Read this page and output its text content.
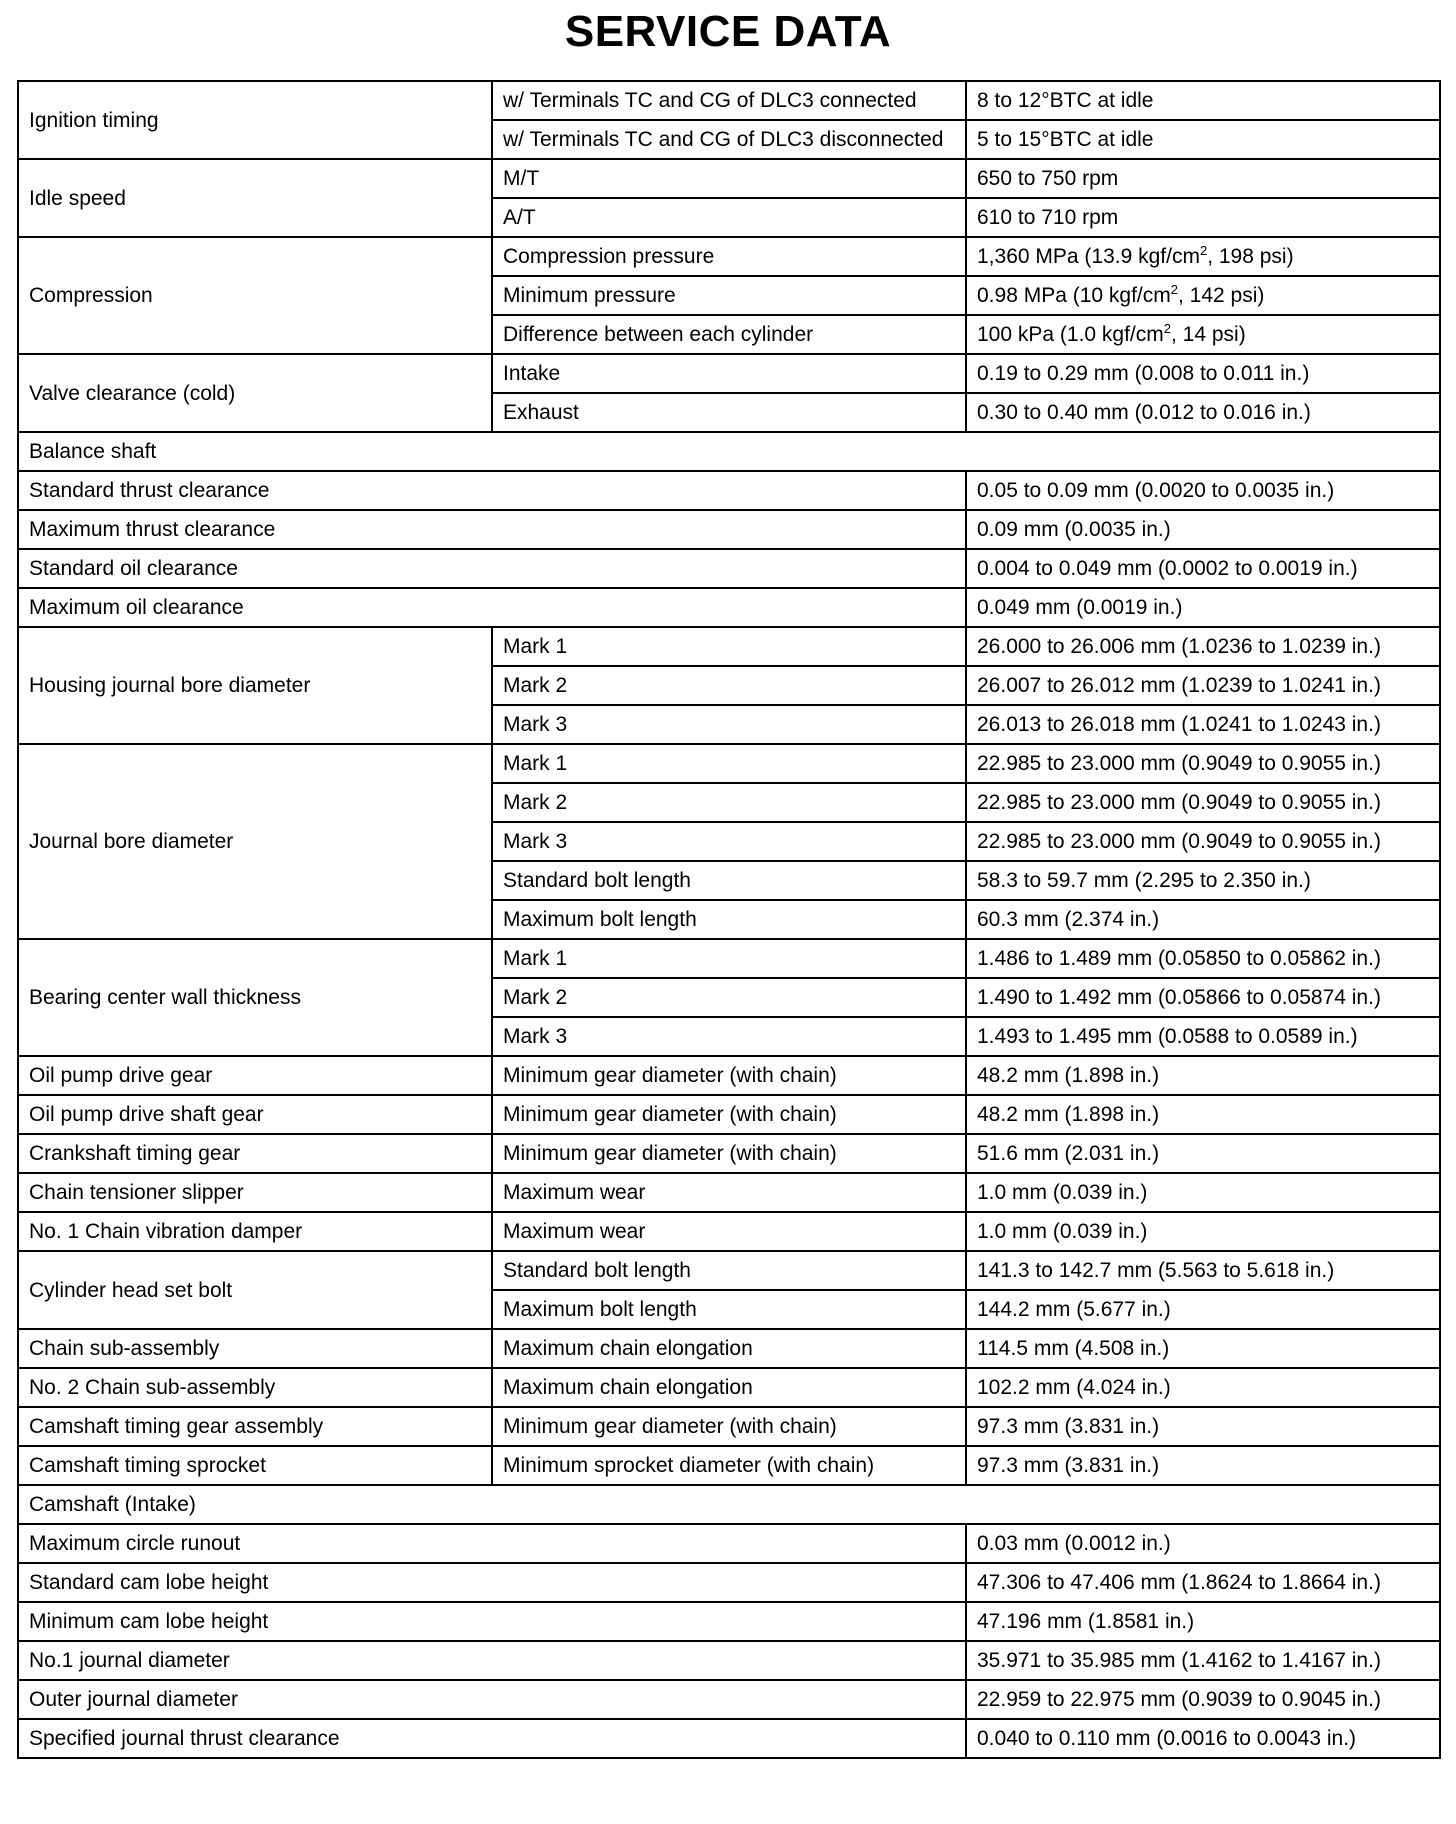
SERVICE DATA
Ignition timing	w/ Terminals TC and CG of DLC3 connected	8 to 12°BTC at idle
	w/ Terminals TC and CG of DLC3 disconnected	5 to 15°BTC at idle
Idle speed	M/T	650 to 750 rpm
	A/T	610 to 710 rpm
Compression	Compression pressure	1,360 MPa (13.9 kgf/$cm^2$, 198 psi)
	Minimum pressure	0.98 MPa (10 kgf/$cm^2$, 142 psi)
	Difference between each cylinder	100 kPa (1.0 kgf/$cm^2$, 14 psi)
Valve clearance (cold)	Intake	0.19 to 0.29 mm (0.008 to 0.011 in.)
	Exhaust	0.30 to 0.40 mm (0.012 to 0.016 in.)
Balance shaft		
Standard thrust clearance		0.05 to 0.09 mm (0.0020 to 0.0035 in.)
Maximum thrust clearance		0.09 mm (0.0035 in.)
Standard oil clearance		0.004 to 0.049 mm (0.0002 to 0.0019 in.)
Maximum oil clearance		0.049 mm (0.0019 in.)
Housing journal bore diameter	Mark 1	26.000 to 26.006 mm (1.0236 to 1.0239 in.)
	Mark 2	26.007 to 26.012 mm (1.0239 to 1.0241 in.)
	Mark 3	26.013 to 26.018 mm (1.0241 to 1.0243 in.)
Journal bore diameter	Mark 1	22.985 to 23.000 mm (0.9049 to 0.9055 in.)
	Mark 2	22.985 to 23.000 mm (0.9049 to 0.9055 in.)
	Mark 3	22.985 to 23.000 mm (0.9049 to 0.9055 in.)
	Standard bolt length	58.3 to 59.7 mm (2.295 to 2.350 in.)
	Maximum bolt length	60.3 mm (2.374 in.)
Bearing center wall thickness	Mark 1	1.486 to 1.489 mm (0.05850 to 0.05862 in.)
	Mark 2	1.490 to 1.492 mm (0.05866 to 0.05874 in.)
	Mark 3	1.493 to 1.495 mm (0.0588 to 0.0589 in.)
Oil pump drive gear	Minimum gear diameter (with chain)	48.2 mm (1.898 in.)
Oil pump drive shaft gear	Minimum gear diameter (with chain)	48.2 mm (1.898 in.)
Crankshaft timing gear	Minimum gear diameter (with chain)	51.6 mm (2.031 in.)
Chain tensioner slipper	Maximum wear	1.0 mm (0.039 in.)
No. 1 Chain vibration damper	Maximum wear	1.0 mm (0.039 in.)
Cylinder head set bolt	Standard bolt length	141.3 to 142.7 mm (5.563 to 5.618 in.)
	Maximum bolt length	144.2 mm (5.677 in.)
Chain sub-assembly	Maximum chain elongation	114.5 mm (4.508 in.)
No. 2 Chain sub-assembly	Maximum chain elongation	102.2 mm (4.024 in.)
Camshaft timing gear assembly	Minimum gear diameter (with chain)	97.3 mm (3.831 in.)
Camshaft timing sprocket	Minimum sprocket diameter (with chain)	97.3 mm (3.831 in.)
Camshaft (Intake)		
Maximum circle runout		0.03 mm (0.0012 in.)
Standard cam lobe height		47.306 to 47.406 mm (1.8624 to 1.8664 in.)
Minimum cam lobe height		47.196 mm (1.8581 in.)
No.1 journal diameter		35.971 to 35.985 mm (1.4162 to 1.4167 in.)
Outer journal diameter		22.959 to 22.975 mm (0.9039 to 0.9045 in.)
Specified journal thrust clearance		0.040 to 0.110 mm (0.0016 to 0.0043 in.)
